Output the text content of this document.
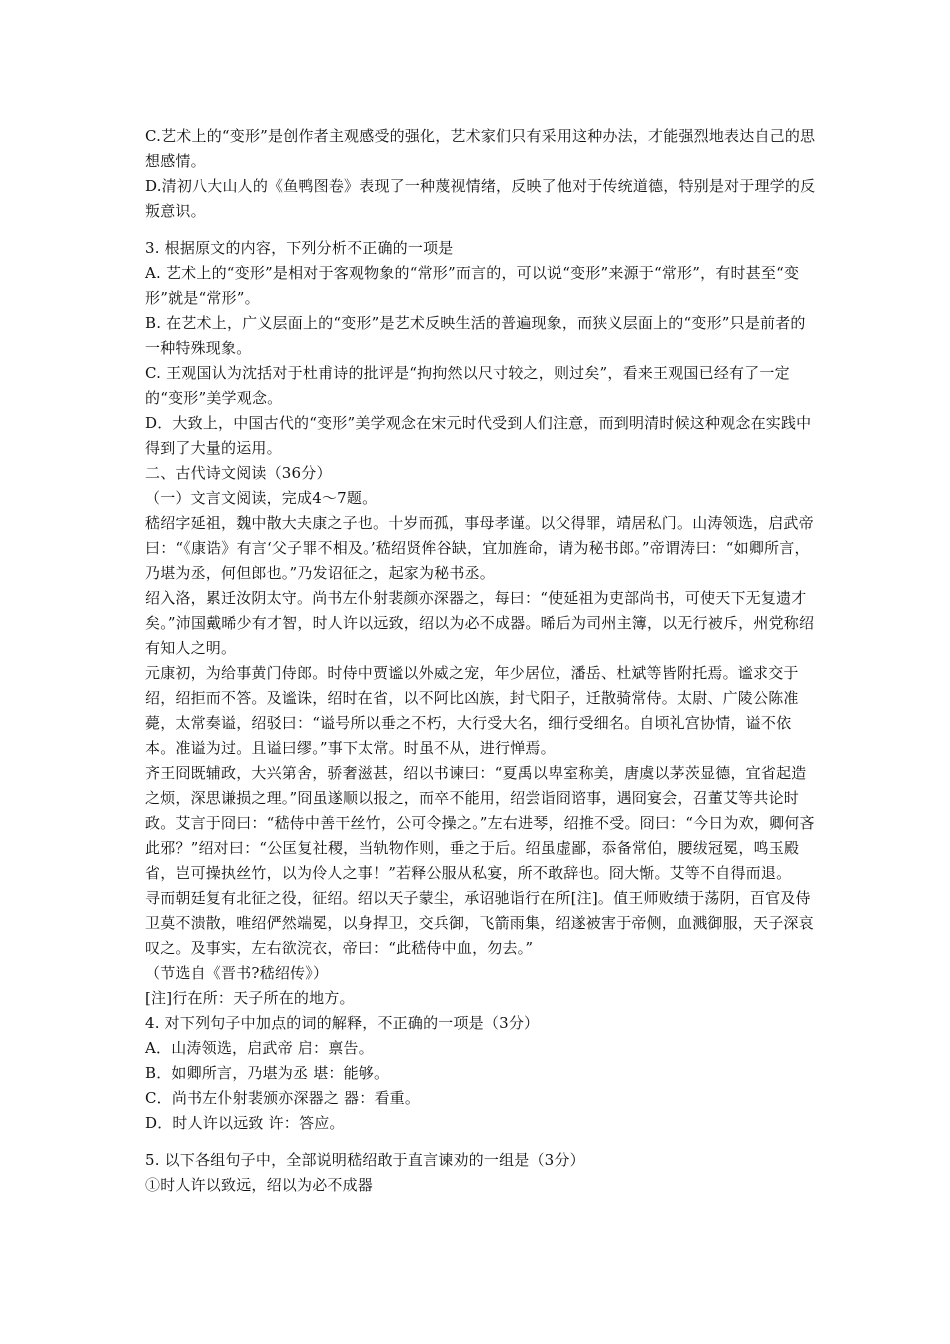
C.艺术上的“变形”是创作者主观感受的强化，艺术家们只有采用这种办法，才能强烈地表达自己的思想感情。

D.清初八大山人的《鱼鸭图卷》表现了一种蔑视情绪，反映了他对于传统道德，特别是对于理学的反叛意识。

3. 根据原文的内容，下列分析不正确的一项是

A. 艺术上的“变形”是相对于客观物象的“常形”而言的，可以说“变形”来源于“常形”，有时甚至“变形”就是“常形”。

B. 在艺术上，广义层面上的“变形”是艺术反映生活的普遍现象，而狭义层面上的“变形”只是前者的一种特殊现象。

C. 王观国认为沈括对于杜甫诗的批评是“拘拘然以尺寸较之，则过矣”，看来王观国已经有了一定的“变形”美学观念。

D．大致上，中国古代的“变形”美学观念在宋元时代受到人们注意，而到明清时候这种观念在实践中得到了大量的运用。

二、古代诗文阅读（36分）

（一）文言文阅读，完成4～7题。

嵇绍字延祖，魏中散大夫康之子也。十岁而孤，事母孝谨。以父得罪，靖居私门。山涛领选，启武帝曰：“《康诰》有言‘父子罪不相及。’嵇绍贤侔谷缺，宜加旌命，请为秘书郎。”帝谓涛曰：“如卿所言，乃堪为丞，何但郎也。”乃发诏征之，起家为秘书丞。

绍入洛，累迁汝阴太守。尚书左仆射裴颜亦深器之，每曰：“使延祖为吏部尚书，可使天下无复遗才矣。”沛国戴晞少有才智，时人许以远致，绍以为必不成器。晞后为司州主簿，以无行被斥，州党称绍有知人之明。

元康初，为给事黄门侍郎。时侍中贾谧以外威之宠，年少居位，潘岳、杜斌等皆附托焉。谧求交于绍，绍拒而不答。及谧诛，绍时在省，以不阿比凶族，封弋阳子，迁散骑常侍。太尉、广陵公陈准薨，太常奏谥，绍驳曰：“谥号所以垂之不朽，大行受大名，细行受细名。自顷礼宫协情，谥不依本。准谥为过。且谥曰缪。”事下太常。时虽不从，进行惮焉。

齐王冏既辅政，大兴第舍，骄奢滋甚，绍以书谏曰：“夏禹以卑室称美，唐虞以茅茨显德，宜省起造之烦，深思谦损之理。”冏虽遂顺以报之，而卒不能用，绍尝诣冏谘事，遇冏宴会，召董艾等共论时政。艾言于冏曰：“嵇侍中善干丝竹，公可令操之。”左右进琴，绍推不受。冏曰：“今日为欢，卿何吝此邪？”绍对曰：“公匡复社稷，当轨物作则，垂之于后。绍虽虚鄙，忝备常伯，腰绂冠冕，鸣玉殿省，岂可操执丝竹，以为伶人之事！”若释公服从私宴，所不敢辞也。冏大惭。艾等不自得而退。

寻而朝廷复有北征之役，征绍。绍以天子蒙尘，承诏驰诣行在所[注]。值王师败绩于荡阴，百官及侍卫莫不溃散，唯绍俨然端冕，以身捍卫，交兵御，飞箭雨集，绍遂被害于帝侧，血溅御服，天子深哀叹之。及事实，左右欲浣衣，帝曰：“此嵇侍中血，勿去。”

（节选自《晋书?嵇绍传》）

[注]行在所：天子所在的地方。

4. 对下列句子中加点的词的解释，不正确的一项是（3分）

A．山涛领选，启武帝 启：禀告。

B．如卿所言，乃堪为丞 堪：能够。

C．尚书左仆射裴颁亦深器之 器：看重。

D．时人许以远致 许：答应。

5. 以下各组句子中，全部说明嵇绍敢于直言谏劝的一组是（3分）

①时人许以致远，绍以为必不成器
